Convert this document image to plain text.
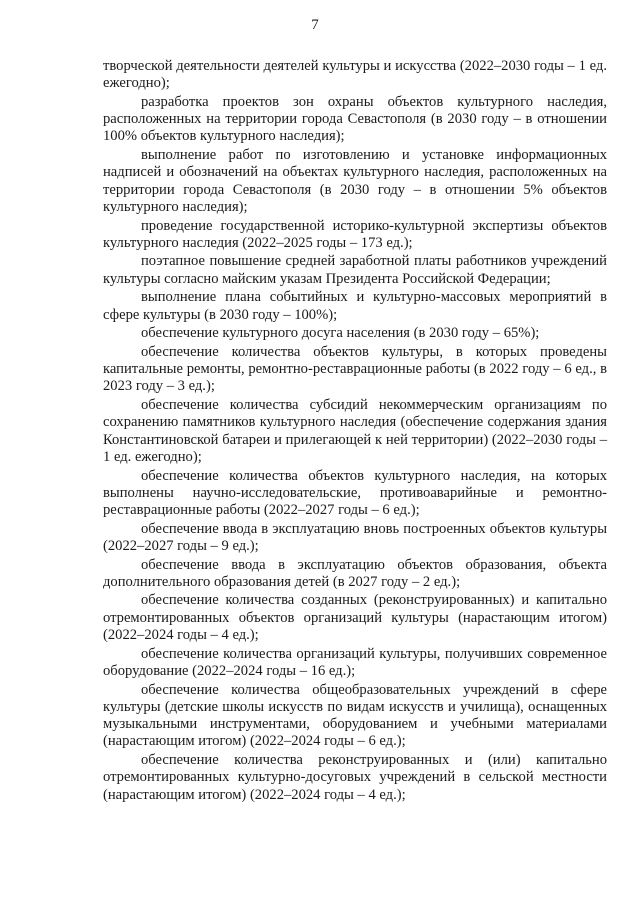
7

творческой деятельности деятелей культуры и искусства (2022–2030 годы – 1 ед. ежегодно);

разработка проектов зон охраны объектов культурного наследия, расположенных на территории города Севастополя (в 2030 году – в отношении 100% объектов культурного наследия);

выполнение работ по изготовлению и установке информационных надписей и обозначений на объектах культурного наследия, расположенных на территории города Севастополя (в 2030 году – в отношении 5% объектов культурного наследия);

проведение государственной историко-культурной экспертизы объектов культурного наследия (2022–2025 годы – 173 ед.);

поэтапное повышение средней заработной платы работников учреждений культуры согласно майским указам Президента Российской Федерации;

выполнение плана событийных и культурно-массовых мероприятий в сфере культуры (в 2030 году – 100%);

обеспечение культурного досуга населения (в 2030 году – 65%);

обеспечение количества объектов культуры, в которых проведены капитальные ремонты, ремонтно-реставрационные работы (в 2022 году – 6 ед., в 2023 году – 3 ед.);

обеспечение количества субсидий некоммерческим организациям по сохранению памятников культурного наследия (обеспечение содержания здания Константиновской батареи и прилегающей к ней территории) (2022–2030 годы – 1 ед. ежегодно);

обеспечение количества объектов культурного наследия, на которых выполнены научно-исследовательские, противоаварийные и ремонтно-реставрационные работы (2022–2027 годы – 6 ед.);

обеспечение ввода в эксплуатацию вновь построенных объектов культуры (2022–2027 годы – 9 ед.);

обеспечение ввода в эксплуатацию объектов образования, объекта дополнительного образования детей (в 2027 году – 2 ед.);

обеспечение количества созданных (реконструированных) и капитально отремонтированных объектов организаций культуры (нарастающим итогом) (2022–2024 годы – 4 ед.);

обеспечение количества организаций культуры, получивших современное оборудование (2022–2024 годы – 16 ед.);

обеспечение количества общеобразовательных учреждений в сфере культуры (детские школы искусств по видам искусств и училища), оснащенных музыкальными инструментами, оборудованием и учебными материалами (нарастающим итогом) (2022–2024 годы – 6 ед.);

обеспечение количества реконструированных и (или) капитально отремонтированных культурно-досуговых учреждений в сельской местности (нарастающим итогом) (2022–2024 годы – 4 ед.);
